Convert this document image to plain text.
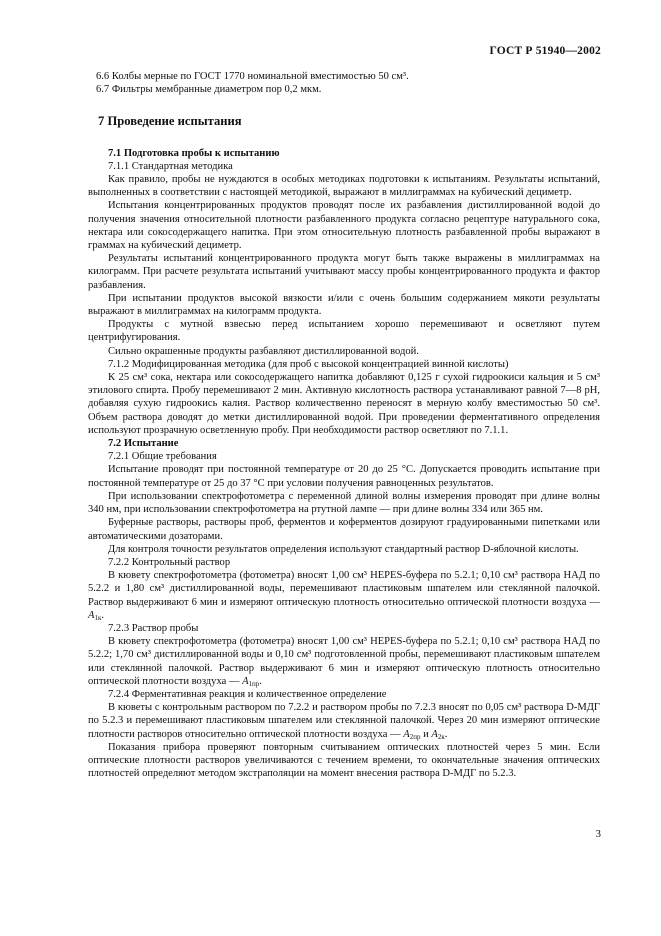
ГОСТ Р 51940—2002

6.6 Колбы мерные по ГОСТ 1770 номинальной вместимостью 50 см³.

6.7 Фильтры мембранные диаметром пор 0,2 мкм.

7 Проведение испытания

7.1 Подготовка пробы к испытанию

7.1.1 Стандартная методика

Как правило, пробы не нуждаются в особых методиках подготовки к испытаниям. Результаты испытаний, выполненных в соответствии с настоящей методикой, выражают в миллиграммах на кубический дециметр.

Испытания концентрированных продуктов проводят после их разбавления дистиллированной водой до получения значения относительной плотности разбавленного продукта согласно рецептуре натурального сока, нектара или сокосодержащего напитка. При этом относительную плотность разбавленной пробы выражают в граммах на кубический дециметр.

Результаты испытаний концентрированного продукта могут быть также выражены в миллиграммах на килограмм. При расчете результата испытаний учитывают массу пробы концентрированного продукта и фактор разбавления.

При испытании продуктов высокой вязкости и/или с очень большим содержанием мякоти результаты выражают в миллиграммах на килограмм продукта.

Продукты с мутной взвесью перед испытанием хорошо перемешивают и осветляют путем центрифугирования.

Сильно окрашенные продукты разбавляют дистиллированной водой.

7.1.2 Модифицированная методика (для проб с высокой концентрацией винной кислоты)

К 25 см³ сока, нектара или сокосодержащего напитка добавляют 0,125 г сухой гидроокиси кальция и 5 см³ этилового спирта. Пробу перемешивают 2 мин. Активную кислотность раствора устанавливают равной 7—8 pH, добавляя сухую гидроокись калия. Раствор количественно переносят в мерную колбу вместимостью 50 см³. Объем раствора доводят до метки дистиллированной водой. При проведении ферментативного определения используют прозрачную осветленную пробу. При необходимости раствор осветляют по 7.1.1.

7.2 Испытание

7.2.1 Общие требования

Испытание проводят при постоянной температуре от 20 до 25 °С. Допускается проводить испытание при постоянной температуре от 25 до 37 °С при условии получения равноценных результатов.

При использовании спектрофотометра с переменной длиной волны измерения проводят при длине волны 340 нм, при использовании спектрофотометра на ртутной лампе — при длине волны 334 или 365 нм.

Буферные растворы, растворы проб, ферментов и коферментов дозируют градуированными пипетками или автоматическими дозаторами.

Для контроля точности результатов определения используют стандартный раствор D-яблочной кислоты.

7.2.2 Контрольный раствор

В кювету спектрофотометра (фотометра) вносят 1,00 см³ HEPES-буфера по 5.2.1; 0,10 см³ раствора НАД по 5.2.2 и 1,80 см³ дистиллированной воды, перемешивают пластиковым шпателем или стеклянной палочкой. Раствор выдерживают 6 мин и измеряют оптическую плотность относительно оптической плотности воздуха — $A_{1к}$.

7.2.3 Раствор пробы

В кювету спектрофотометра (фотометра) вносят 1,00 см³ HEPES-буфера по 5.2.1; 0,10 см³ раствора НАД по 5.2.2; 1,70 см³ дистиллированной воды и 0,10 см³ подготовленной пробы, перемешивают пластиковым шпателем или стеклянной палочкой. Раствор выдерживают 6 мин и измеряют оптическую плотность относительно оптической плотности воздуха — $A_{1пр}$.

7.2.4 Ферментативная реакция и количественное определение

В кюветы с контрольным раствором по 7.2.2 и раствором пробы по 7.2.3 вносят по 0,05 см³ раствора D-МДГ по 5.2.3 и перемешивают пластиковым шпателем или стеклянной палочкой. Через 20 мин измеряют оптические плотности растворов относительно оптической плотности воздуха — $A_{2пр}$ и $A_{2к}$.

Показания прибора проверяют повторным считыванием оптических плотностей через 5 мин. Если оптические плотности растворов увеличиваются с течением времени, то окончательные значения оптических плотностей определяют методом экстраполяции на момент внесения раствора D-МДГ по 5.2.3.

3
